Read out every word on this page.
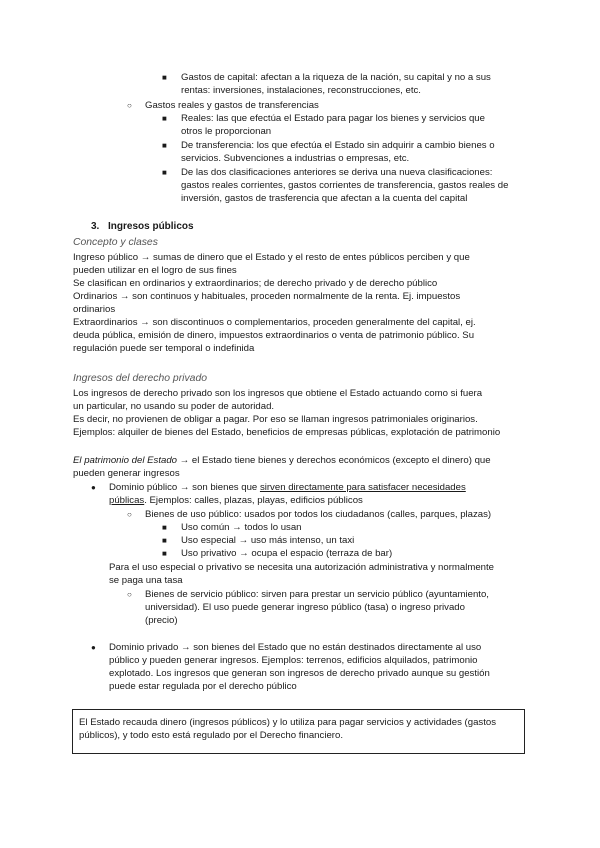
■ Gastos de capital: afectan a la riqueza de la nación, su capital y no a sus
rentas: inversiones, instalaciones, reconstrucciones, etc.
○ Gastos reales y gastos de transferencias
■ Reales: las que efectúa el Estado para pagar los bienes y servicios que
otros le proporcionan
■ De transferencia: los que efectúa el Estado sin adquirir a cambio bienes o
servicios. Subvenciones a industrias o empresas, etc.
■ De las dos clasificaciones anteriores se deriva una nueva clasificaciones:
gastos reales corrientes, gastos corrientes de transferencia, gastos reales de
inversión, gastos de trasferencia que afectan a la cuenta del capital
3. Ingresos públicos
Concepto y clases
Ingreso público → sumas de dinero que el Estado y el resto de entes públicos perciben y que
pueden utilizar en el logro de sus fines
Se clasifican en ordinarios y extraordinarios; de derecho privado y de derecho público
Ordinarios → son continuos y habituales, proceden normalmente de la renta. Ej. impuestos
ordinarios
Extraordinarios → son discontinuos o complementarios, proceden generalmente del capital, ej.
deuda pública, emisión de dinero, impuestos extraordinarios o venta de patrimonio público. Su
regulación puede ser temporal o indefinida
Ingresos del derecho privado
Los ingresos de derecho privado son los ingresos que obtiene el Estado actuando como si fuera
un particular, no usando su poder de autoridad.
Es decir, no provienen de obligar a pagar. Por eso se llaman ingresos patrimoniales originarios.
Ejemplos: alquiler de bienes del Estado, beneficios de empresas públicas, explotación de patrimonio
El patrimonio del Estado → el Estado tiene bienes y derechos económicos (excepto el dinero) que
pueden generar ingresos
● Dominio público → son bienes que sirven directamente para satisfacer necesidades
públicas. Ejemplos: calles, plazas, playas, edificios públicos
○ Bienes de uso público: usados por todos los ciudadanos (calles, parques, plazas)
■ Uso común → todos lo usan
■ Uso especial → uso más intenso, un taxi
■ Uso privativo → ocupa el espacio (terraza de bar)
Para el uso especial o privativo se necesita una autorización administrativa y normalmente
se paga una tasa
○ Bienes de servicio público: sirven para prestar un servicio público (ayuntamiento,
universidad). El uso puede generar ingreso público (tasa) o ingreso privado
(precio)
● Dominio privado → son bienes del Estado que no están destinados directamente al uso
público y pueden generar ingresos. Ejemplos: terrenos, edificios alquilados, patrimonio
explotado. Los ingresos que generan son ingresos de derecho privado aunque su gestión
puede estar regulada por el derecho público
El Estado recauda dinero (ingresos públicos) y lo utiliza para pagar servicios y actividades (gastos
públicos), y todo esto está regulado por el Derecho financiero.
